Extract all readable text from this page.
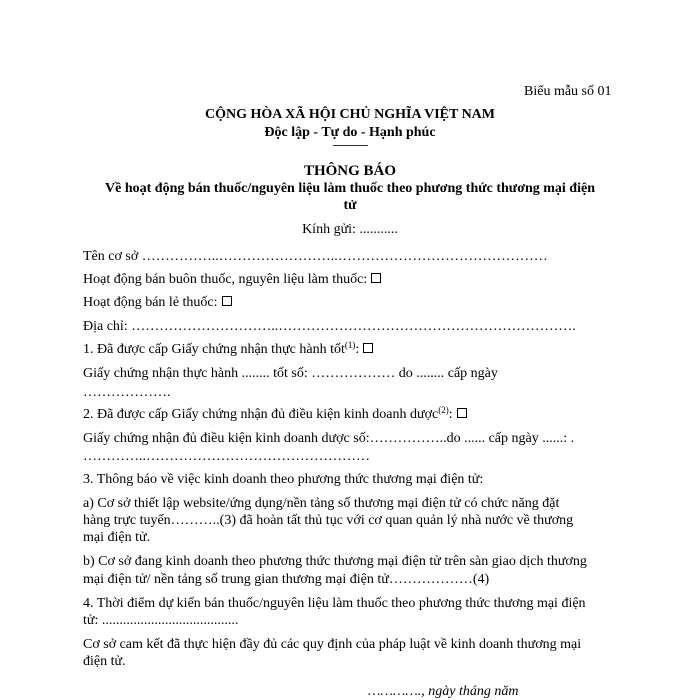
Biểu mẫu số 01
CỘNG HÒA XÃ HỘI CHỦ NGHĨA VIỆT NAM
Độc lập - Tự do - Hạnh phúc
---------------
THÔNG BÁO
Về hoạt động bán thuốc/nguyên liệu làm thuốc theo phương thức thương mại điện
tử
Kính gửi: ...........
Tên cơ sở ……………..……………………..………………………………………
Hoạt động bán buôn thuốc, nguyên liệu làm thuốc:
Hoạt động bán lẻ thuốc:
Địa chỉ: …………………………..……………………………………………………….
1. Đã được cấp Giấy chứng nhận thực hành tốt$^{(1)}$:
Giấy chứng nhận thực hành ........ tốt số: ……………… do ........ cấp ngày
……………….
2. Đã được cấp Giấy chứng nhận đủ điều kiện kinh doanh dược$^{(2)}$:
Giấy chứng nhận đủ điều kiện kinh doanh dược số:……………..do ...... cấp ngày ......: .
…………..…………………………………………
3. Thông báo về việc kinh doanh theo phương thức thương mại điện tử:
a) Cơ sở thiết lập website/ứng dụng/nền tảng số thương mại điện tử có chức năng đặt
hàng trực tuyến………..(3) đã hoàn tất thủ tục với cơ quan quản lý nhà nước về thương
mại điện tử.
b) Cơ sở đang kinh doanh theo phương thức thương mại điện tử trên sàn giao dịch thương
mại điện tử/ nền tảng số trung gian thương mại điện tử………………(4)
4. Thời điểm dự kiến bán thuốc/nguyên liệu làm thuốc theo phương thức thương mại điện
tử: .......................................
Cơ sở cam kết đã thực hiện đầy đủ các quy định của pháp luật về kinh doanh thương mại
điện tử.
…………., ngày tháng năm
